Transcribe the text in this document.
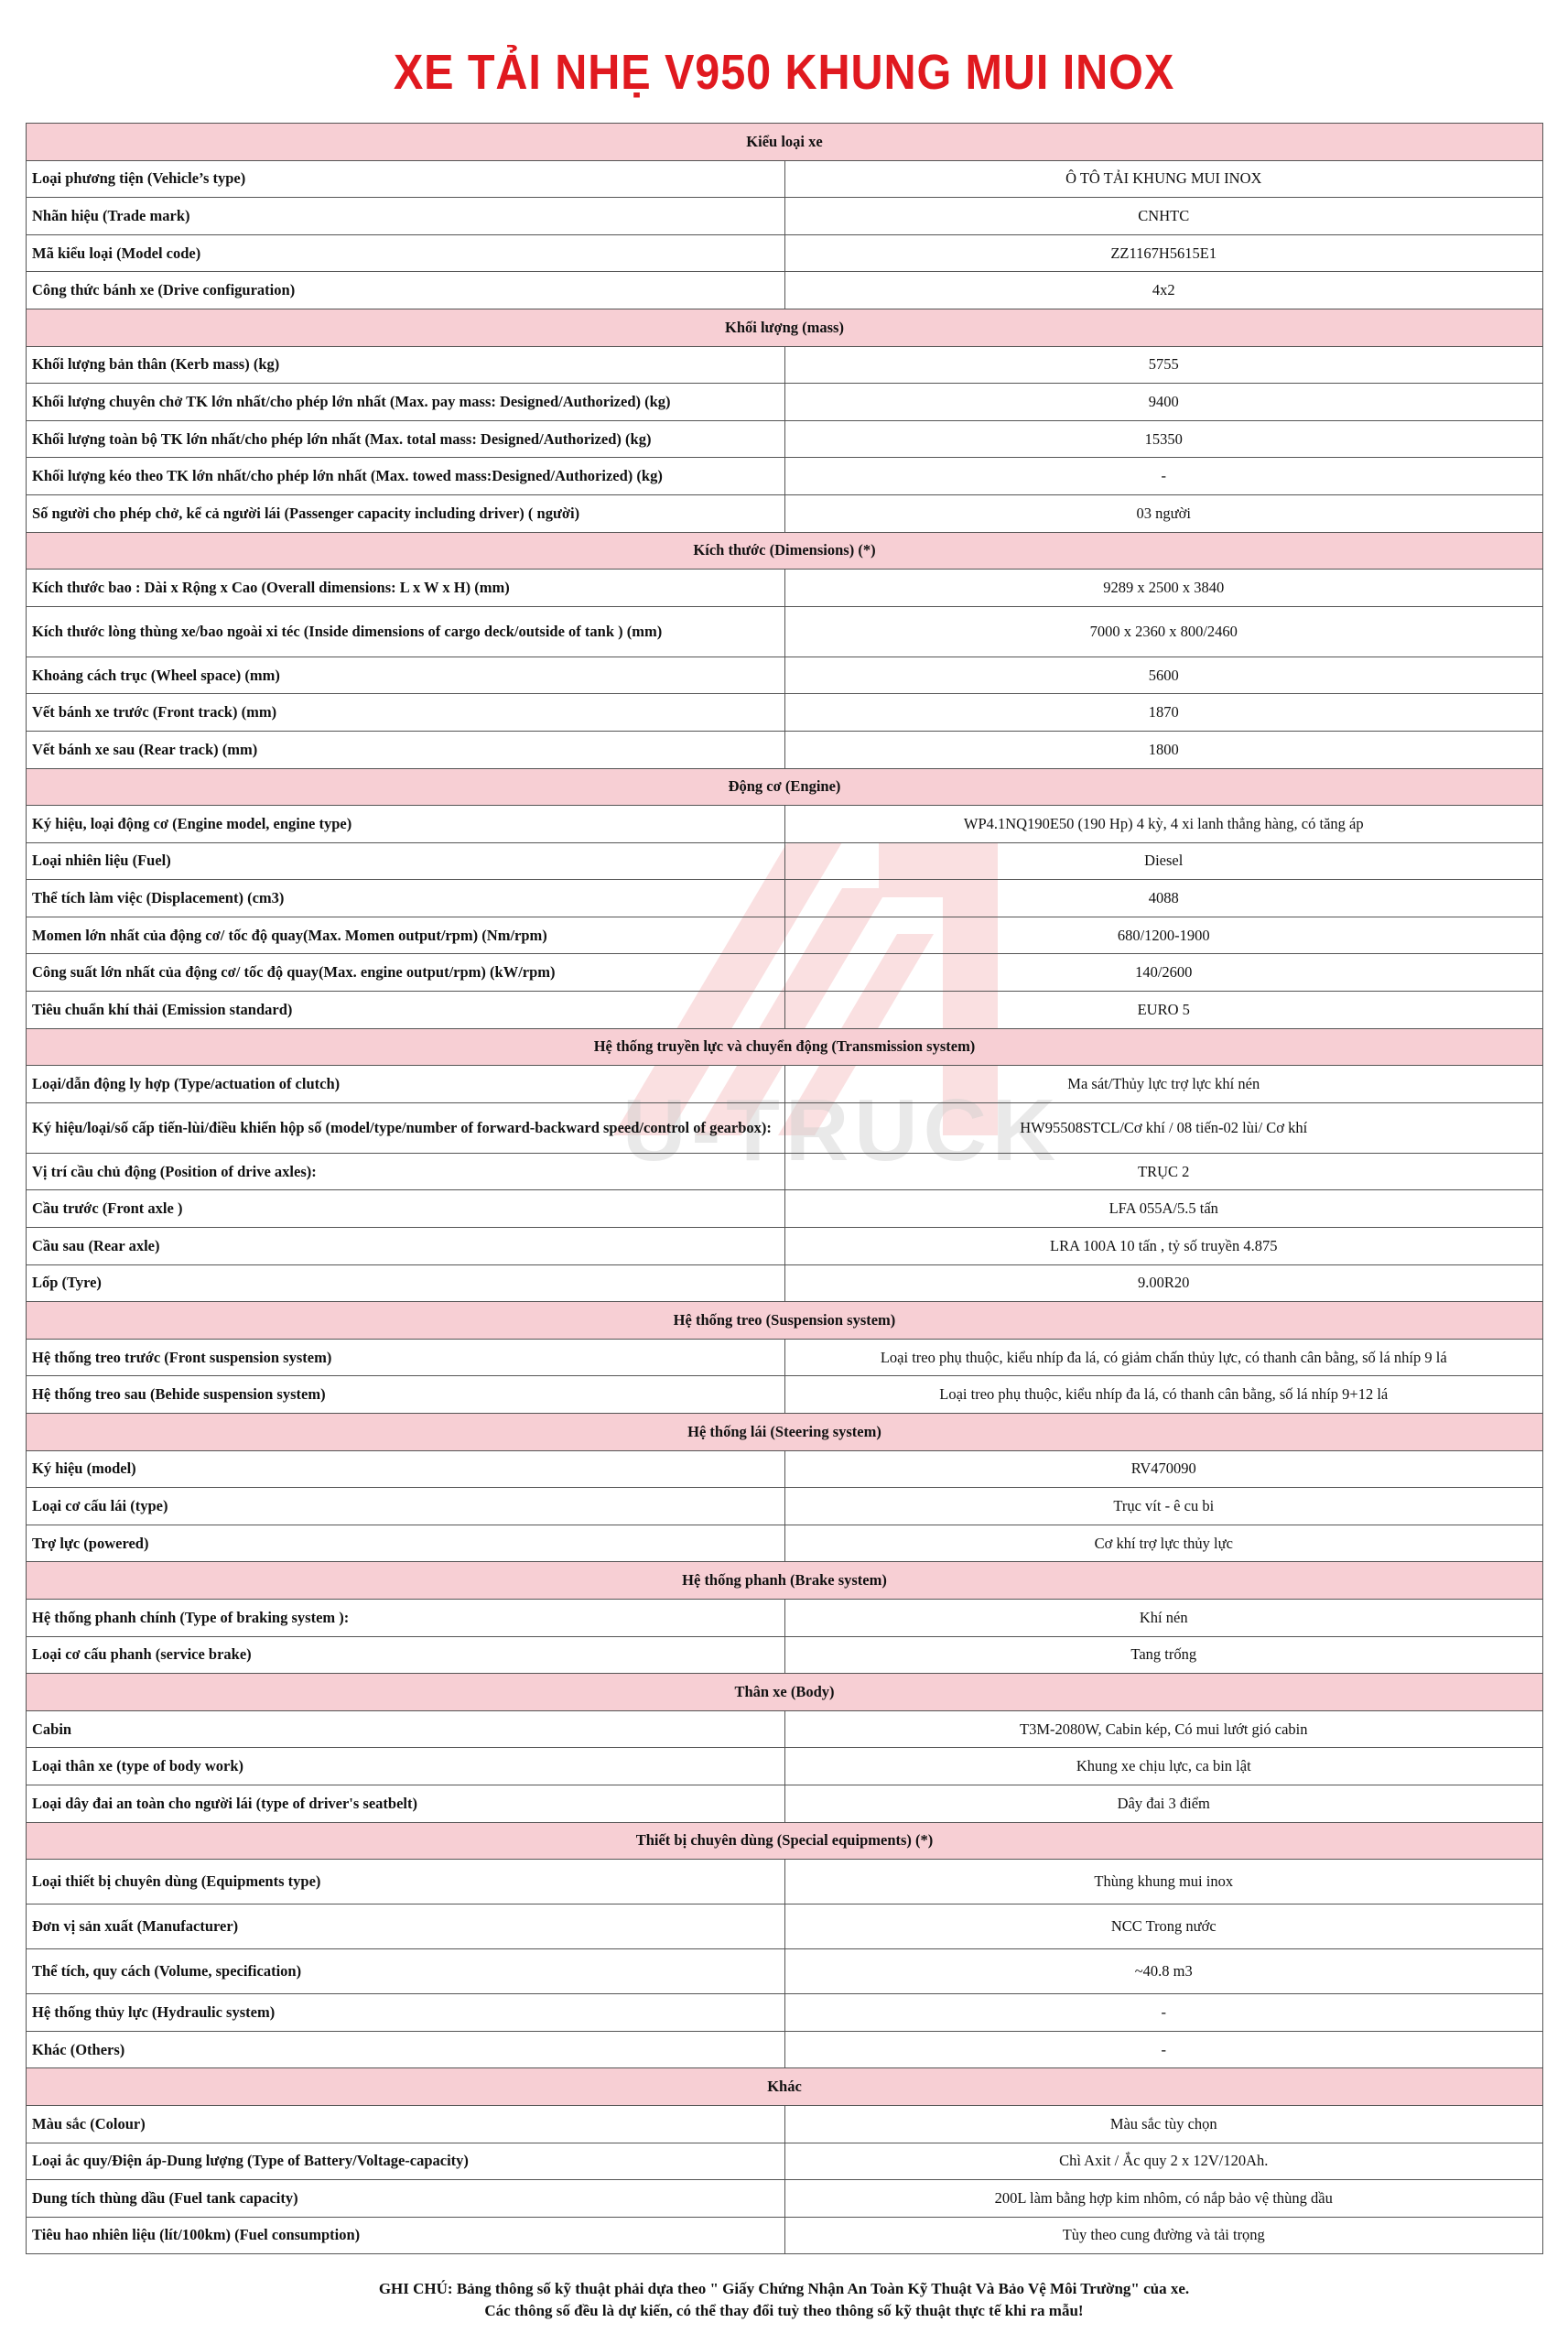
XE TẢI NHẸ V950 KHUNG MUI INOX
U-TRUCK
Kiểu loại xe	
Loại phương tiện (Vehicle’s type)	Ô TÔ TẢI KHUNG MUI INOX
Nhãn hiệu (Trade mark)	CNHTC
Mã kiểu loại (Model code)	ZZ1167H5615E1
Công thức bánh xe (Drive configuration)	4x2
Khối lượng (mass)	
Khối lượng bản thân (Kerb mass) (kg)	5755
Khối lượng chuyên chở TK lớn nhất/cho phép lớn nhất (Max. pay mass: Designed/Authorized) (kg)	9400
Khối lượng toàn bộ TK lớn nhất/cho phép lớn nhất (Max. total mass: Designed/Authorized) (kg)	15350
Khối lượng kéo theo TK lớn nhất/cho phép lớn nhất (Max. towed mass:Designed/Authorized) (kg)	-
Số người cho phép chở, kể cả người lái (Passenger capacity including driver) ( người)	03 người
Kích thước (Dimensions) (*)	
Kích thước bao : Dài x Rộng x Cao (Overall dimensions: L x W x H) (mm)	9289 x 2500 x 3840
Kích thước lòng thùng xe/bao ngoài xi téc (Inside dimensions of cargo deck/outside of tank ) (mm)	7000 x 2360 x 800/2460
Khoảng cách trục (Wheel space) (mm)	5600
Vết bánh xe trước (Front track) (mm)	1870
Vết bánh xe sau (Rear track) (mm)	1800
Động cơ (Engine)	
Ký hiệu, loại động cơ (Engine model, engine type)	WP4.1NQ190E50 (190 Hp) 4 kỳ, 4 xi lanh thẳng hàng, có tăng áp
Loại nhiên liệu (Fuel)	Diesel
Thể tích làm việc (Displacement) (cm3)	4088
Momen lớn nhất của động cơ/ tốc độ quay(Max. Momen output/rpm) (Nm/rpm)	680/1200-1900
Công suất lớn nhất của động cơ/ tốc độ quay(Max. engine output/rpm) (kW/rpm)	140/2600
Tiêu chuẩn khí thải (Emission standard)	EURO 5
Hệ thống truyền lực và chuyển động (Transmission system)	
Loại/dẫn động ly hợp (Type/actuation of clutch)	Ma sát/Thủy lực trợ lực khí nén
Ký hiệu/loại/số cấp tiến-lùi/điều khiển hộp số (model/type/number of forward-backward speed/control of gearbox):	HW95508STCL/Cơ khí / 08 tiến-02 lùi/ Cơ khí
Vị trí cầu chủ động (Position of drive axles):	TRỤC 2
Cầu trước (Front axle )	LFA 055A/5.5 tấn
Cầu sau (Rear axle)	LRA 100A 10 tấn , tỷ số truyền 4.875
Lốp (Tyre)	9.00R20
Hệ thống treo (Suspension system)	
Hệ thống treo trước (Front suspension system)	Loại treo phụ thuộc, kiểu nhíp đa lá, có giảm chấn thủy lực, có thanh cân bằng, số lá nhíp 9 lá
Hệ thống treo sau (Behide suspension system)	Loại treo phụ thuộc, kiểu nhíp đa lá, có thanh cân bằng, số lá nhíp 9+12 lá
Hệ thống lái (Steering system)	
Ký hiệu (model)	RV470090
Loại cơ cấu lái (type)	Trục vít - ê cu bi
Trợ lực (powered)	Cơ khí trợ lực thủy lực
Hệ thống phanh (Brake system)	
Hệ thống phanh chính (Type of braking system ):	Khí nén
Loại cơ cấu phanh (service brake)	Tang trống
Thân xe (Body)	
Cabin	T3M-2080W, Cabin kép, Có mui lướt gió cabin
Loại thân xe (type of body work)	Khung xe chịu lực, ca bin lật
Loại dây đai an toàn cho người lái (type of driver's seatbelt)	Dây đai 3 điểm
Thiết bị chuyên dùng (Special equipments) (*)	
Loại thiết bị chuyên dùng (Equipments type)	Thùng khung mui inox
Đơn vị sản xuất (Manufacturer)	NCC Trong nước
Thể tích, quy cách (Volume, specification)	~40.8 m3
Hệ thống thủy lực (Hydraulic system)	-
Khác (Others)	-
Khác	
Màu sắc (Colour)	Màu sắc tùy chọn
Loại ắc quy/Điện áp-Dung lượng (Type of Battery/Voltage-capacity)	Chì Axit / Ắc quy 2 x 12V/120Ah.
Dung tích thùng dầu (Fuel tank capacity)	200L làm bằng hợp kim nhôm, có nắp bảo vệ thùng dầu
Tiêu hao nhiên liệu (lít/100km) (Fuel consumption)	Tùy theo cung đường và tải trọng
GHI CHÚ: Bảng thông số kỹ thuật phải dựa theo " Giấy Chứng Nhận An Toàn Kỹ Thuật Và Bảo Vệ Môi Trường" của xe.
Các thông số đều là dự kiến, có thể thay đổi tuỳ theo thông số kỹ thuật thực tế khi ra mẫu!
